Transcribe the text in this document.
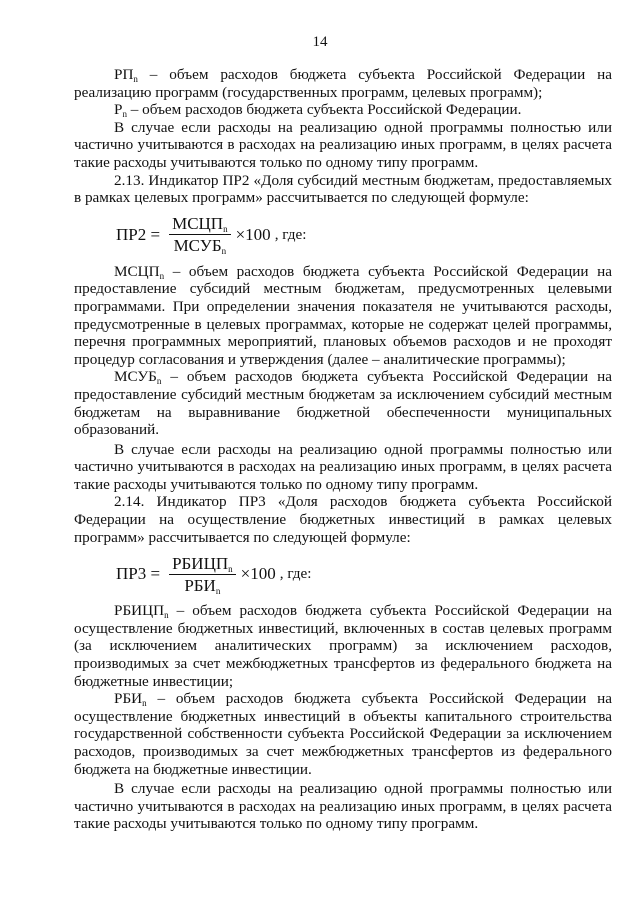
14

$РП_n$ – объем расходов бюджета субъекта Российской Федерации на реализацию программ (государственных программ, целевых программ);

$Р_n$ – объем расходов бюджета субъекта Российской Федерации.

В случае если расходы на реализацию одной программы полностью или частично учитываются в расходах на реализацию иных программ, в целях расчета такие расходы учитываются только по одному типу программ.

2.13. Индикатор ПР2 «Доля субсидий местным бюджетам, предоставляемых в рамках целевых программ» рассчитывается по следующей формуле:

$ПР2 = \frac{МСЦП_n}{МСУБ_n} \times 100$ , где:

$МСЦП_n$ – объем расходов бюджета субъекта Российской Федерации на предоставление субсидий местным бюджетам, предусмотренных целевыми программами. При определении значения показателя не учитываются расходы, предусмотренные в целевых программах, которые не содержат целей программы, перечня программных мероприятий, плановых объемов расходов и не проходят процедур согласования и утверждения (далее – аналитические программы);

$МСУБ_n$ – объем расходов бюджета субъекта Российской Федерации на предоставление субсидий местным бюджетам за исключением субсидий местным бюджетам на выравнивание бюджетной обеспеченности муниципальных образований.

В случае если расходы на реализацию одной программы полностью или частично учитываются в расходах на реализацию иных программ, в целях расчета такие расходы учитываются только по одному типу программ.

2.14. Индикатор ПР3 «Доля расходов бюджета субъекта Российской Федерации на осуществление бюджетных инвестиций в рамках целевых программ» рассчитывается по следующей формуле:

$ПР3 = \frac{РБИЦП_n}{РБИ_n} \times 100$ , где:

$РБИЦП_n$ – объем расходов бюджета субъекта Российской Федерации на осуществление бюджетных инвестиций, включенных в состав целевых программ (за исключением аналитических программ) за исключением расходов, производимых за счет межбюджетных трансфертов из федерального бюджета на бюджетные инвестиции;

$РБИ_n$ – объем расходов бюджета субъекта Российской Федерации на осуществление бюджетных инвестиций в объекты капитального строительства государственной собственности субъекта Российской Федерации за исключением расходов, производимых за счет межбюджетных трансфертов из федерального бюджета на бюджетные инвестиции.

В случае если расходы на реализацию одной программы полностью или частично учитываются в расходах на реализацию иных программ, в целях расчета такие расходы учитываются только по одному типу программ.
